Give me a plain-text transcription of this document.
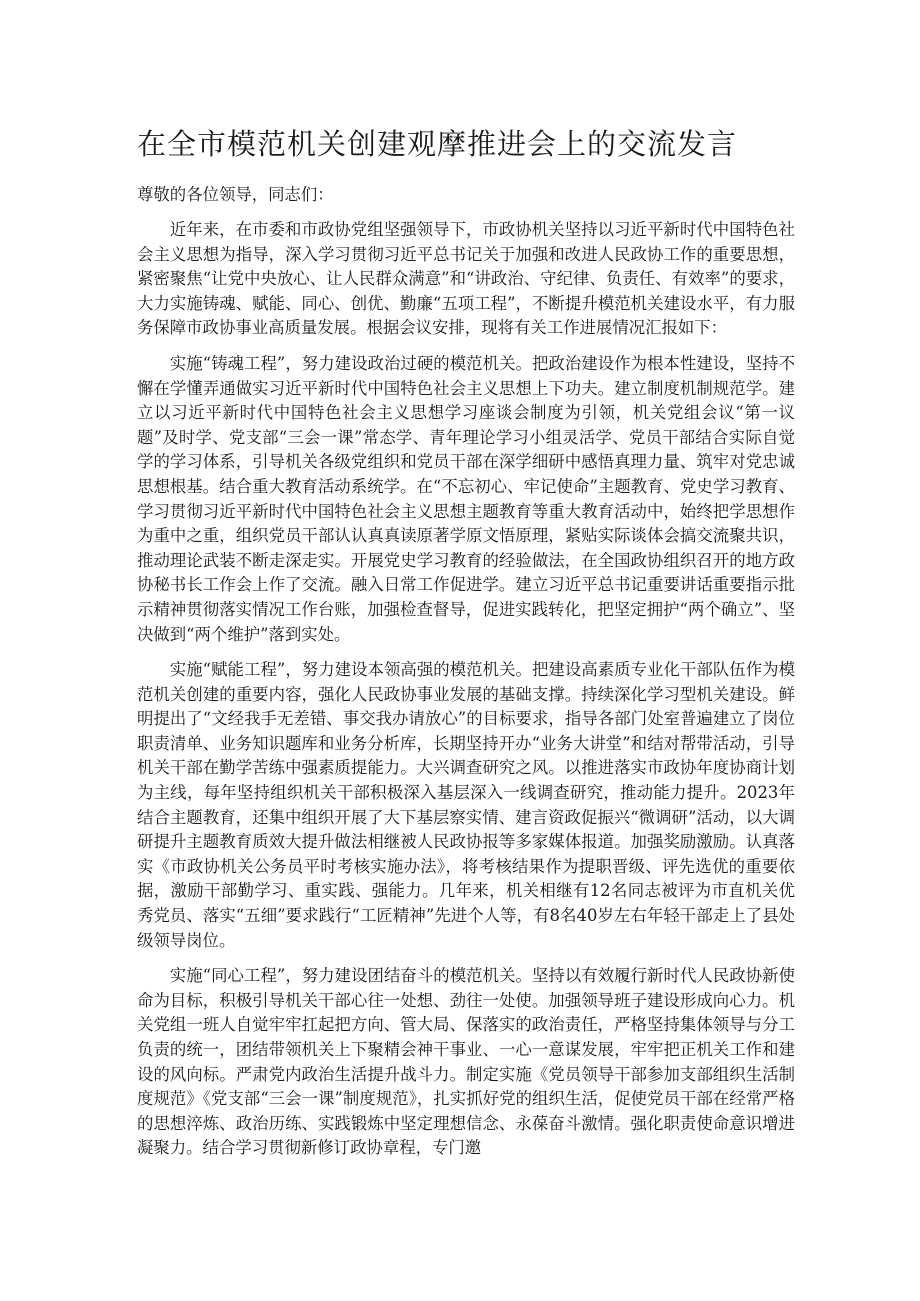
在全市模范机关创建观摩推进会上的交流发言

尊敬的各位领导，同志们：

近年来，在市委和市政协党组坚强领导下，市政协机关坚持以习近平新时代中国特色社会主义思想为指导，深入学习贯彻习近平总书记关于加强和改进人民政协工作的重要思想，紧密聚焦“让党中央放心、让人民群众满意”和“讲政治、守纪律、负责任、有效率”的要求，大力实施铸魂、赋能、同心、创优、勤廉“五项工程”，不断提升模范机关建设水平，有力服务保障市政协事业高质量发展。根据会议安排，现将有关工作进展情况汇报如下：

实施“铸魂工程”，努力建设政治过硬的模范机关。把政治建设作为根本性建设，坚持不懈在学懂弄通做实习近平新时代中国特色社会主义思想上下功夫。建立制度机制规范学。建立以习近平新时代中国特色社会主义思想学习座谈会制度为引领，机关党组会议“第一议题”及时学、党支部“三会一课”常态学、青年理论学习小组灵活学、党员干部结合实际自觉学的学习体系，引导机关各级党组织和党员干部在深学细研中感悟真理力量、筑牢对党忠诚思想根基。结合重大教育活动系统学。在“不忘初心、牢记使命”主题教育、党史学习教育、学习贯彻习近平新时代中国特色社会主义思想主题教育等重大教育活动中，始终把学思想作为重中之重，组织党员干部认认真真读原著学原文悟原理，紧贴实际谈体会搞交流聚共识，推动理论武装不断走深走实。开展党史学习教育的经验做法，在全国政协组织召开的地方政协秘书长工作会上作了交流。融入日常工作促进学。建立习近平总书记重要讲话重要指示批示精神贯彻落实情况工作台账，加强检查督导，促进实践转化，把坚定拥护“两个确立”、坚决做到“两个维护”落到实处。

实施“赋能工程”，努力建设本领高强的模范机关。把建设高素质专业化干部队伍作为模范机关创建的重要内容，强化人民政协事业发展的基础支撑。持续深化学习型机关建设。鲜明提出了“文经我手无差错、事交我办请放心”的目标要求，指导各部门处室普遍建立了岗位职责清单、业务知识题库和业务分析库，长期坚持开办“业务大讲堂”和结对帮带活动，引导机关干部在勤学苦练中强素质提能力。大兴调查研究之风。以推进落实市政协年度协商计划为主线，每年坚持组织机关干部积极深入基层深入一线调查研究，推动能力提升。2023年结合主题教育，还集中组织开展了大下基层察实情、建言资政促振兴“微调研”活动，以大调研提升主题教育质效大提升做法相继被人民政协报等多家媒体报道。加强奖励激励。认真落实《市政协机关公务员平时考核实施办法》，将考核结果作为提职晋级、评先选优的重要依据，激励干部勤学习、重实践、强能力。几年来，机关相继有12名同志被评为市直机关优秀党员、落实“五细”要求践行“工匠精神”先进个人等，有8名40岁左右年轻干部走上了县处级领导岗位。

实施“同心工程”，努力建设团结奋斗的模范机关。坚持以有效履行新时代人民政协新使命为目标，积极引导机关干部心往一处想、劲往一处使。加强领导班子建设形成向心力。机关党组一班人自觉牢牢扛起把方向、管大局、保落实的政治责任，严格坚持集体领导与分工负责的统一，团结带领机关上下聚精会神干事业、一心一意谋发展，牢牢把正机关工作和建设的风向标。严肃党内政治生活提升战斗力。制定实施《党员领导干部参加支部组织生活制度规范》《党支部“三会一课”制度规范》，扎实抓好党的组织生活，促使党员干部在经常严格的思想淬炼、政治历练、实践锻炼中坚定理想信念、永葆奋斗激情。强化职责使命意识增进凝聚力。结合学习贯彻新修订政协章程，专门邀
